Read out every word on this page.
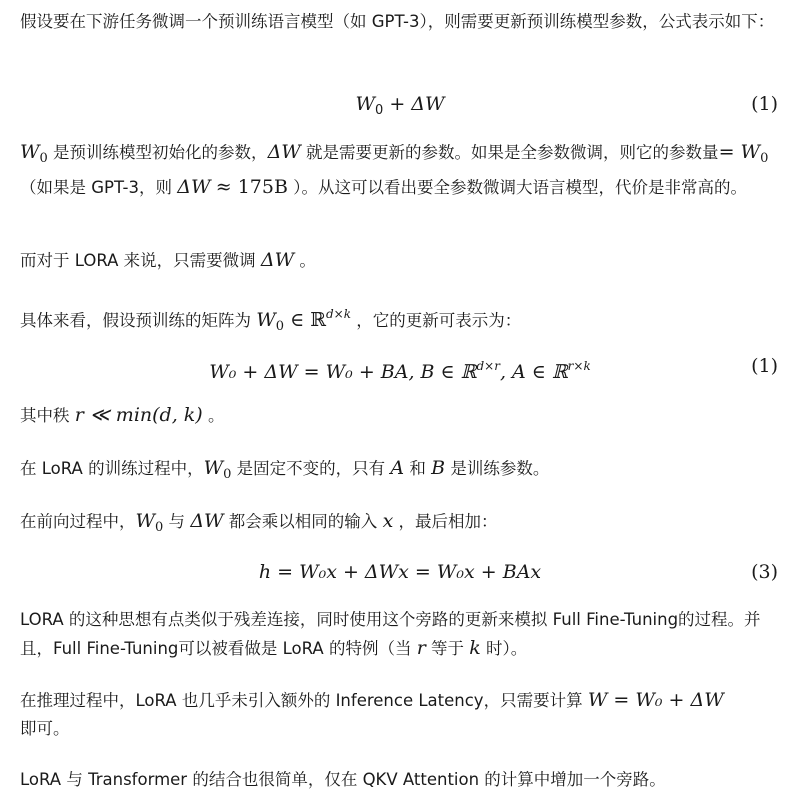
假设要在下游任务微调一个预训练语言模型（如 GPT-3），则需要更新预训练模型参数，公式表示如下：

$W_0 + \Delta W$	(1)

$W_0$ 是预训练模型初始化的参数，ΔW 就是需要更新的参数。如果是全参数微调，则它的参数量= $W_0$ （如果是 GPT-3，则 ΔW ≈ 175B ）。从这可以看出要全参数微调大语言模型，代价是非常高的。

而对于 LORA 来说，只需要微调 ΔW 。

具体来看，假设预训练的矩阵为 $W_0$ ∈ ℝ$^{d\times k}$ ，它的更新可表示为：

W₀ + ΔW = W₀ + BA, B ∈ ℝ$^{d\times r}$, A ∈ ℝ$^{r\times k}$	(1)

其中秩 r ≪ min(d, k) 。

在 LoRA 的训练过程中，$W_0$ 是固定不变的，只有 A 和 B 是训练参数。

在前向过程中，$W_0$ 与 ΔW 都会乘以相同的输入 x ，最后相加：

h = W₀x + ΔWx = W₀x + BAx	(3)

LORA 的这种思想有点类似于残差连接，同时使用这个旁路的更新来模拟 Full Fine-Tuning的过程。并且，Full Fine-Tuning可以被看做是 LoRA 的特例（当 r 等于 k 时）。

在推理过程中，LoRA 也几乎未引入额外的 Inference Latency，只需要计算 W = W₀ + ΔW
即可。

LoRA 与 Transformer 的结合也很简单，仅在 QKV Attention 的计算中增加一个旁路。
